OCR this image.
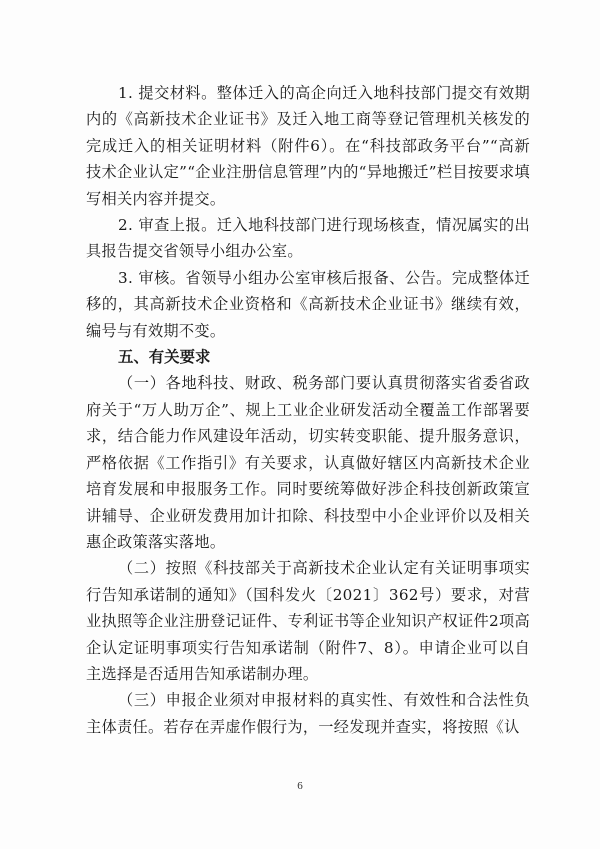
1. 提交材料。整体迁入的高企向迁入地科技部门提交有效期内的《高新技术企业证书》及迁入地工商等登记管理机关核发的完成迁入的相关证明材料（附件6）。在“科技部政务平台”“高新技术企业认定”“企业注册信息管理”内的“异地搬迁”栏目按要求填写相关内容并提交。

2. 审查上报。迁入地科技部门进行现场核查，情况属实的出具报告提交省领导小组办公室。

3. 审核。省领导小组办公室审核后报备、公告。完成整体迁移的，其高新技术企业资格和《高新技术企业证书》继续有效，编号与有效期不变。

五、有关要求

（一）各地科技、财政、税务部门要认真贯彻落实省委省政府关于“万人助万企”、规上工业企业研发活动全覆盖工作部署要求，结合能力作风建设年活动，切实转变职能、提升服务意识，严格依据《工作指引》有关要求，认真做好辖区内高新技术企业培育发展和申报服务工作。同时要统筹做好涉企科技创新政策宣讲辅导、企业研发费用加计扣除、科技型中小企业评价以及相关惠企政策落实落地。

（二）按照《科技部关于高新技术企业认定有关证明事项实行告知承诺制的通知》（国科发火〔2021〕362号）要求，对营业执照等企业注册登记证件、专利证书等企业知识产权证件2项高企认定证明事项实行告知承诺制（附件7、8）。申请企业可以自主选择是否适用告知承诺制办理。

（三）申报企业须对申报材料的真实性、有效性和合法性负主体责任。若存在弄虚作假行为，一经发现并查实，将按照《认

6
